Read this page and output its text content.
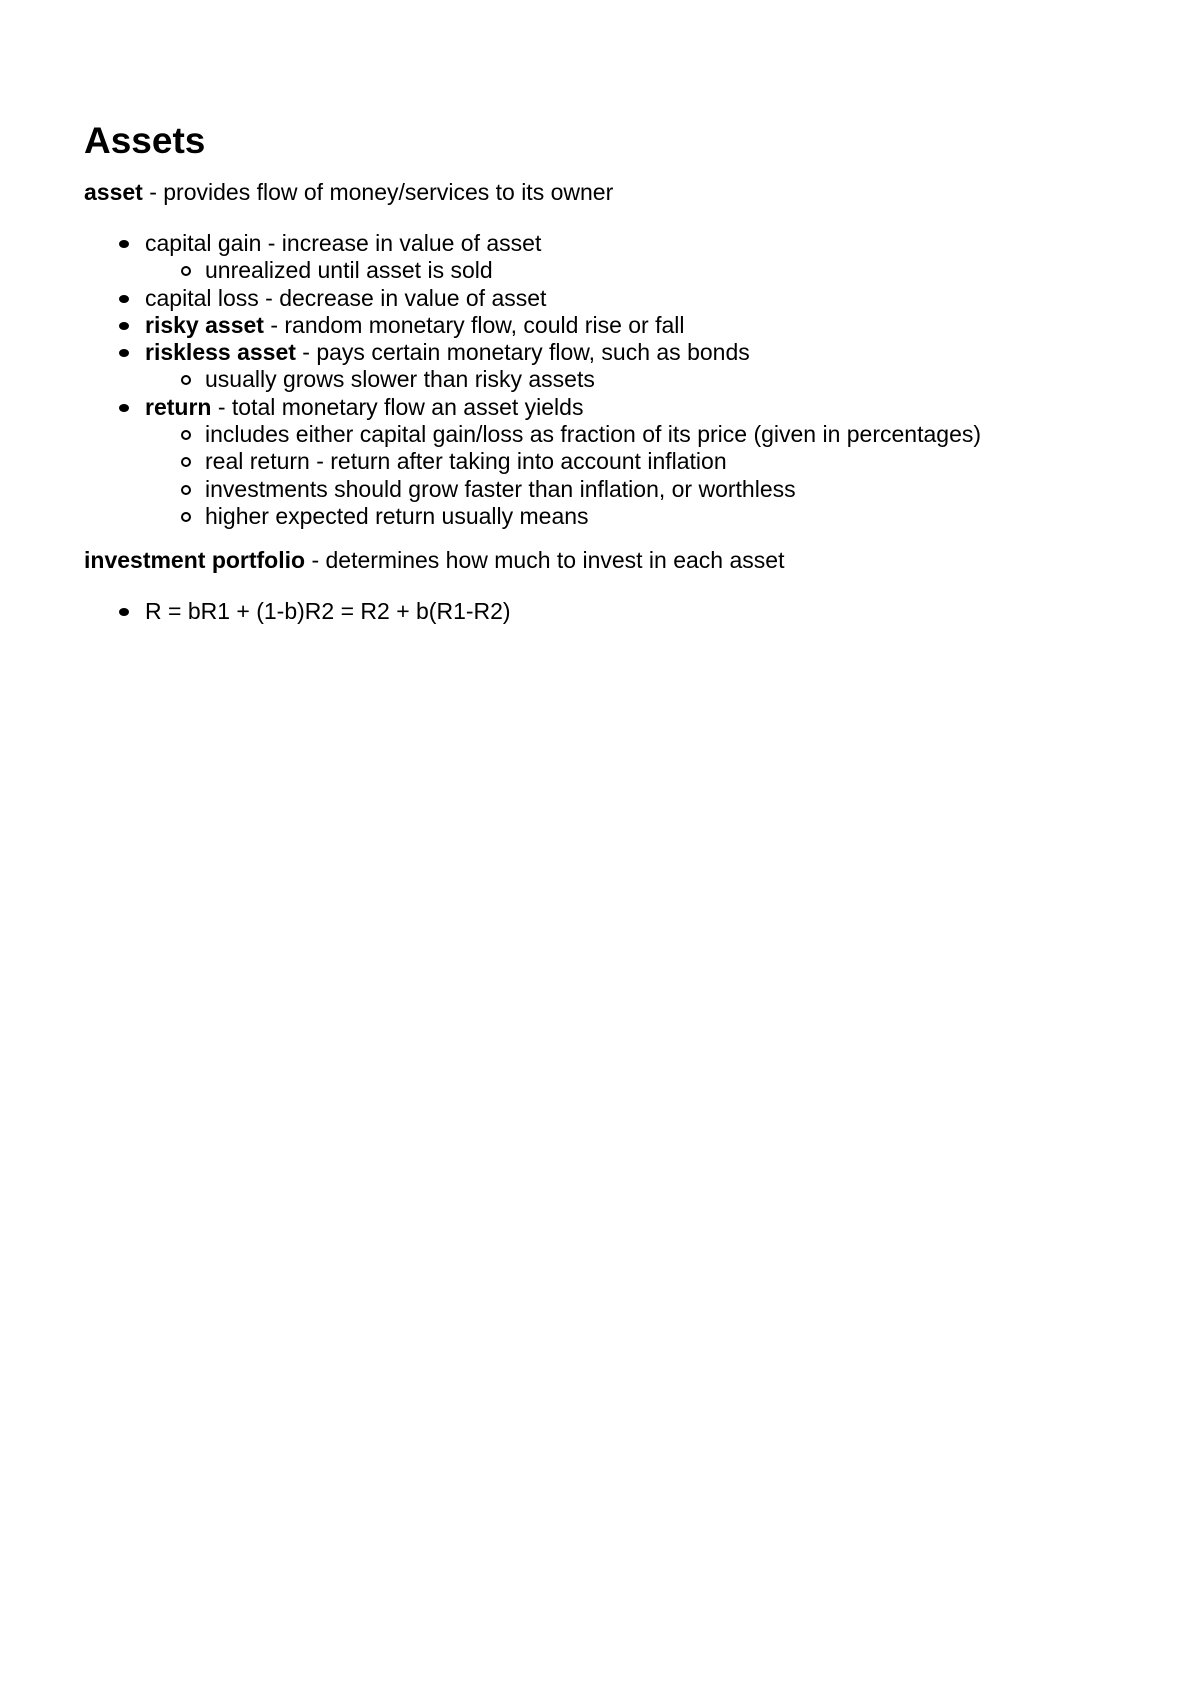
Assets

asset - provides flow of money/services to its owner

capital gain - increase in value of asset
unrealized until asset is sold
capital loss - decrease in value of asset
risky asset - random monetary flow, could rise or fall
riskless asset - pays certain monetary flow, such as bonds
usually grows slower than risky assets
return - total monetary flow an asset yields
includes either capital gain/loss as fraction of its price (given in percentages)
real return - return after taking into account inflation
investments should grow faster than inflation, or worthless
higher expected return usually means

investment portfolio - determines how much to invest in each asset

R = bR1 + (1-b)R2 = R2 + b(R1-R2)
